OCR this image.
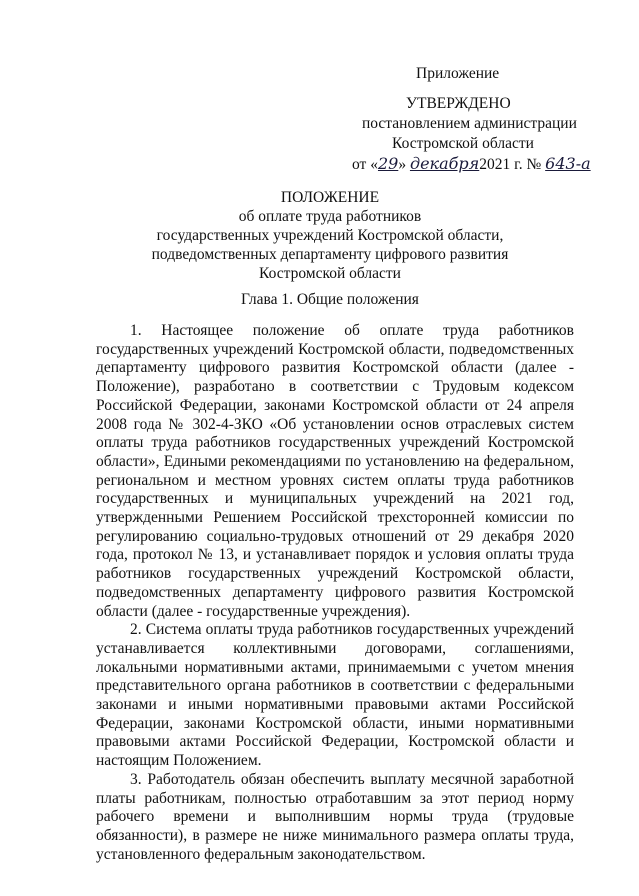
Приложение
УТВЕРЖДЕНО
постановлением администрации
Костромской области
от «29» декабря2021 г. № 643-а
ПОЛОЖЕНИЕ
об оплате труда работников
государственных учреждений Костромской области,
подведомственных департаменту цифрового развития
Костромской области
Глава 1. Общие положения

1. Настоящее положение об оплате труда работников государственных учреждений Костромской области, подведомственных департаменту цифрового развития Костромской области (далее - Положение), разработано в соответствии с Трудовым кодексом Российской Федерации, законами Костромской области от 24 апреля 2008 года № 302-4-ЗКО «Об установлении основ отраслевых систем оплаты труда работников государственных учреждений Костромской области», Едиными рекомендациями по установлению на федеральном, региональном и местном уровнях систем оплаты труда работников государственных и муниципальных учреждений на 2021 год, утвержденными Решением Российской трехсторонней комиссии по регулированию социально-трудовых отношений от 29 декабря 2020 года, протокол № 13, и устанавливает порядок и условия оплаты труда работников государственных учреждений Костромской области, подведомственных департаменту цифрового развития Костромской области (далее - государственные учреждения).

2. Система оплаты труда работников государственных учреждений устанавливается коллективными договорами, соглашениями, локальными нормативными актами, принимаемыми с учетом мнения представительного органа работников в соответствии с федеральными законами и иными нормативными правовыми актами Российской Федерации, законами Костромской области, иными нормативными правовыми актами Российской Федерации, Костромской области и настоящим Положением.

3. Работодатель обязан обеспечить выплату месячной заработной платы работникам, полностью отработавшим за этот период норму рабочего времени и выполнившим нормы труда (трудовые обязанности), в размере не ниже минимального размера оплаты труда, установленного федеральным законодательством.
